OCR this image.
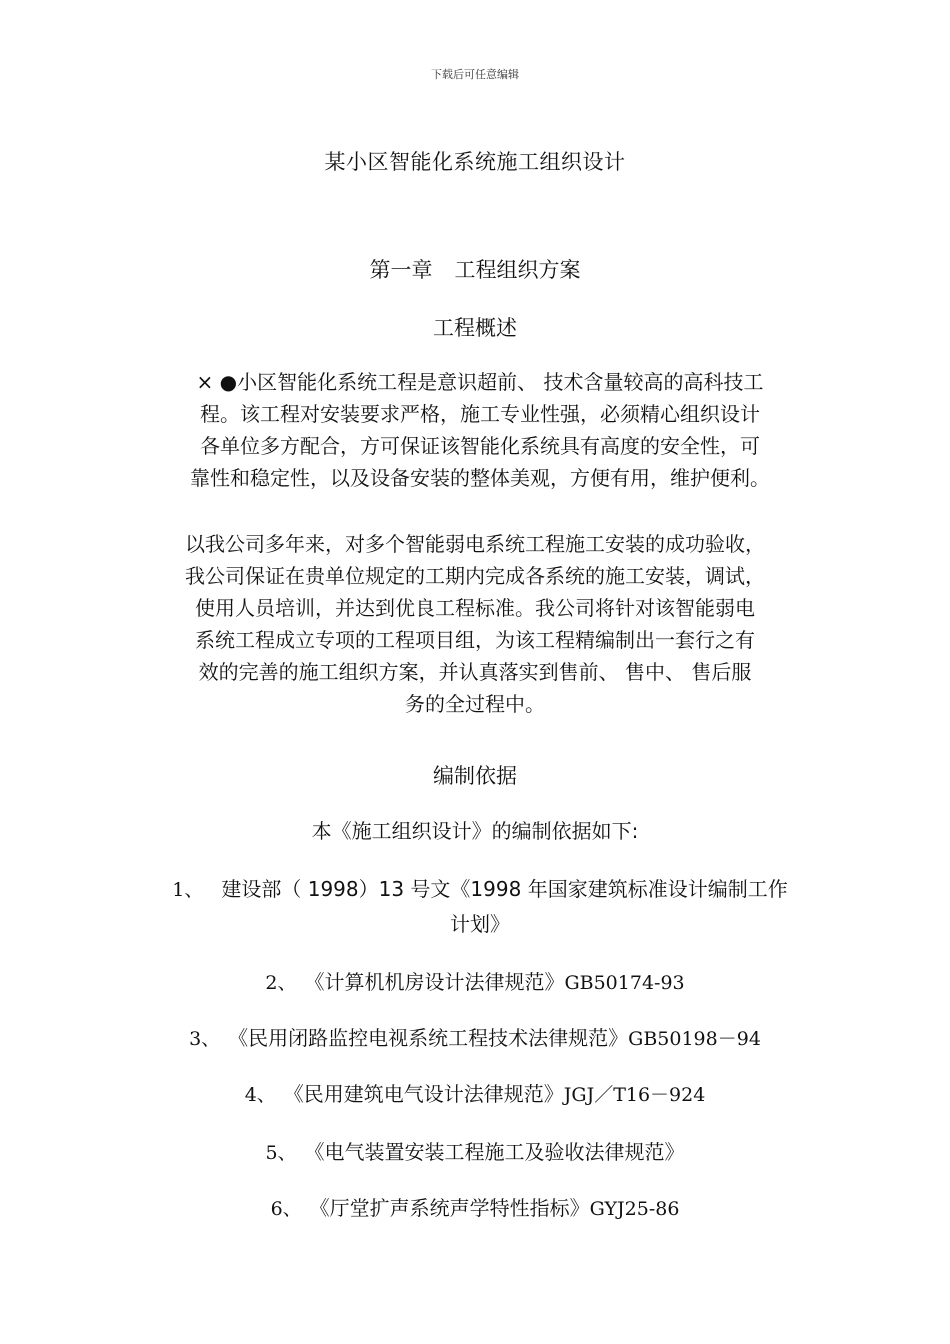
下载后可任意编辑
某小区智能化系统施工组织设计
第一章 工程组织方案
工程概述
× ●小区智能化系统工程是意识超前、 技术含量较高的高科技工
程。该工程对安装要求严格，施工专业性强，必须精心组织设计
各单位多方配合，方可保证该智能化系统具有高度的安全性，可
靠性和稳定性，以及设备安装的整体美观，方便有用，维护便利。
以我公司多年来，对多个智能弱电系统工程施工安装的成功验收，
我公司保证在贵单位规定的工期内完成各系统的施工安装，调试，
使用人员培训，并达到优良工程标准。我公司将针对该智能弱电
系统工程成立专项的工程项目组，为该工程精编制出一套行之有
效的完善的施工组织方案，并认真落实到售前、 售中、 售后服
务的全过程中。
编制依据
本《施工组织设计》的编制依据如下:
1、 建设部（ 1998）13 号文《1998 年国家建筑标准设计编制工作
计划》
2、 《计算机机房设计法律规范》GB50174-93
3、 《民用闭路监控电视系统工程技术法律规范》GB50198－94
4、 《民用建筑电气设计法律规范》JGJ／T16－924
5、 《电气装置安装工程施工及验收法律规范》
6、 《厅堂扩声系统声学特性指标》GYJ25-86
